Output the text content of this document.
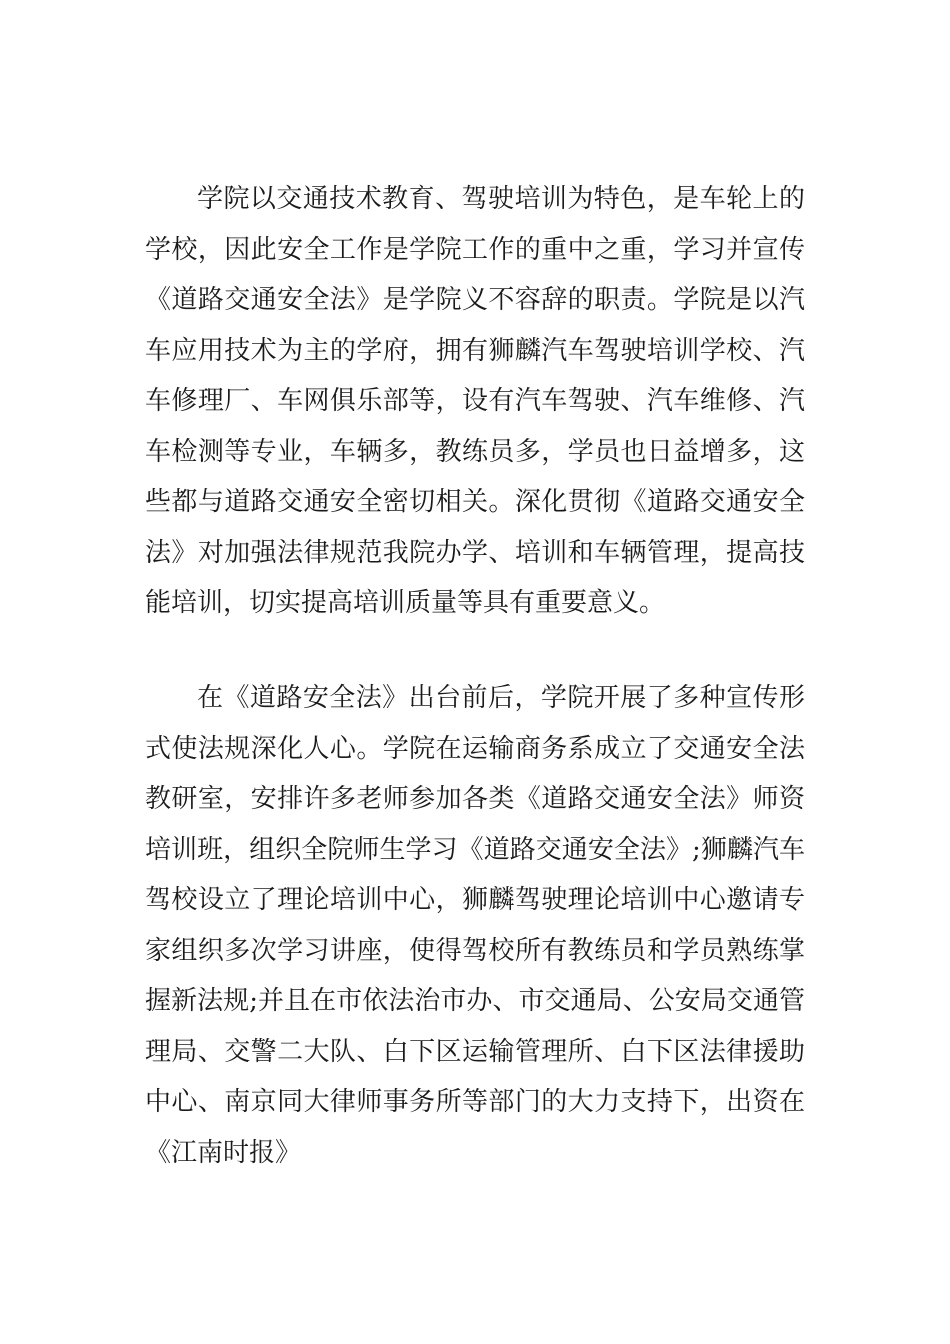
学院以交通技术教育、驾驶培训为特色，是车轮上的
学校，因此安全工作是学院工作的重中之重，学习并宣传
《道路交通安全法》是学院义不容辞的职责。学院是以汽
车应用技术为主的学府，拥有狮麟汽车驾驶培训学校、汽
车修理厂、车网俱乐部等，设有汽车驾驶、汽车维修、汽
车检测等专业，车辆多，教练员多，学员也日益增多，这
些都与道路交通安全密切相关。深化贯彻《道路交通安全
法》对加强法律规范我院办学、培训和车辆管理，提高技
能培训，切实提高培训质量等具有重要意义。
在《道路安全法》出台前后，学院开展了多种宣传形
式使法规深化人心。学院在运输商务系成立了交通安全法
教研室，安排许多老师参加各类《道路交通安全法》师资
培训班，组织全院师生学习《道路交通安全法》;狮麟汽车
驾校设立了理论培训中心，狮麟驾驶理论培训中心邀请专
家组织多次学习讲座，使得驾校所有教练员和学员熟练掌
握新法规;并且在市依法治市办、市交通局、公安局交通管
理局、交警二大队、白下区运输管理所、白下区法律援助
中心、南京同大律师事务所等部门的大力支持下，出资在
《江南时报》
